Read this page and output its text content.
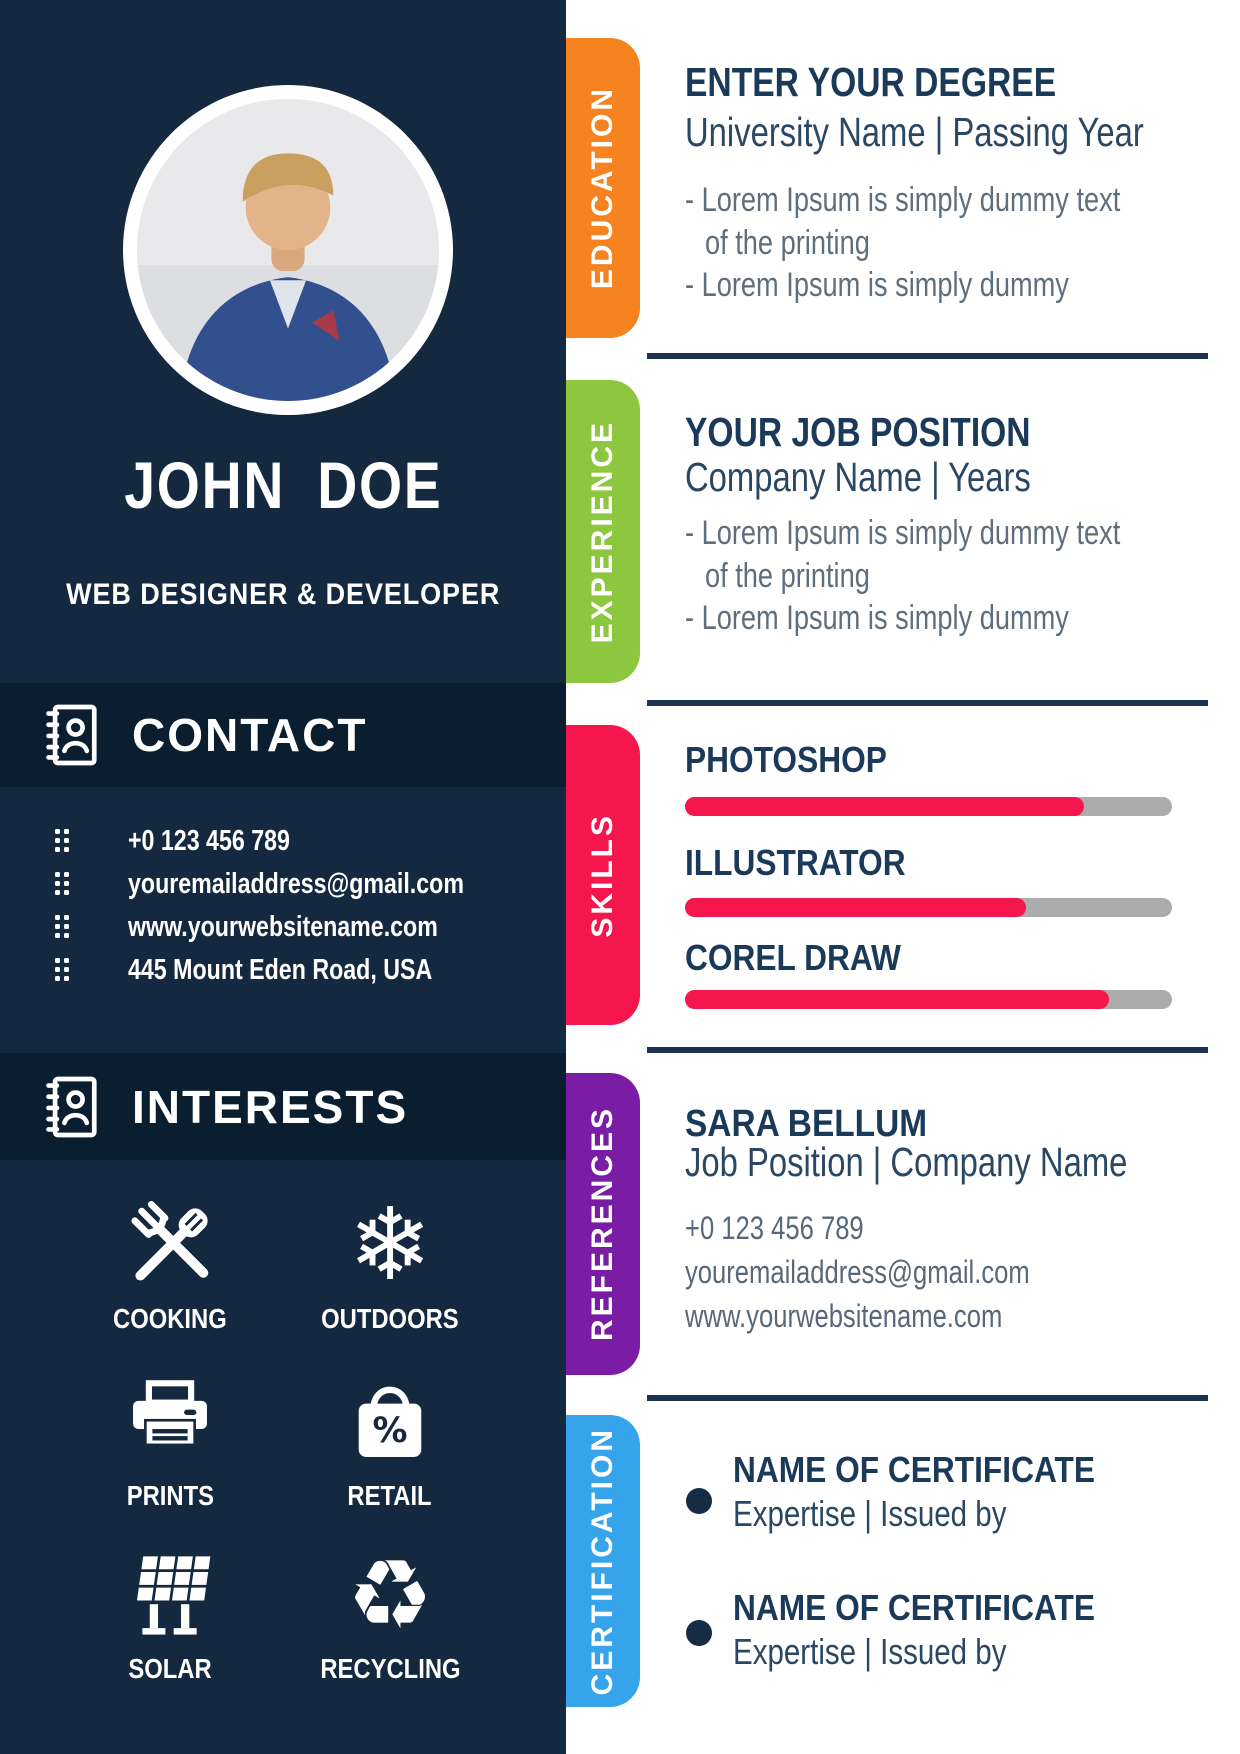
JOHN DOE
WEB DESIGNER & DEVELOPER
CONTACT
+0 123 456 789
youremailaddress@gmail.com
www.yourwebsitename.com
445 Mount Eden Road, USA
INTERESTS
COOKING
❄
OUTDOORS
PRINTS
%
RETAIL
SOLAR
♻
RECYCLING
EDUCATION
EXPERIENCE
SKILLS
REFERENCES
CERTIFICATION
ENTER YOUR DEGREE
University Name | Passing Year
- Lorem Ipsum is simply dummy text
of the printing
- Lorem Ipsum is simply dummy
YOUR JOB POSITION
Company Name | Years
- Lorem Ipsum is simply dummy text
of the printing
- Lorem Ipsum is simply dummy
PHOTOSHOP
ILLUSTRATOR
COREL DRAW
SARA BELLUM
Job Position | Company Name
+0 123 456 789
youremailaddress@gmail.com
www.yourwebsitename.com
NAME OF CERTIFICATE
Expertise | Issued by
NAME OF CERTIFICATE
Expertise | Issued by
